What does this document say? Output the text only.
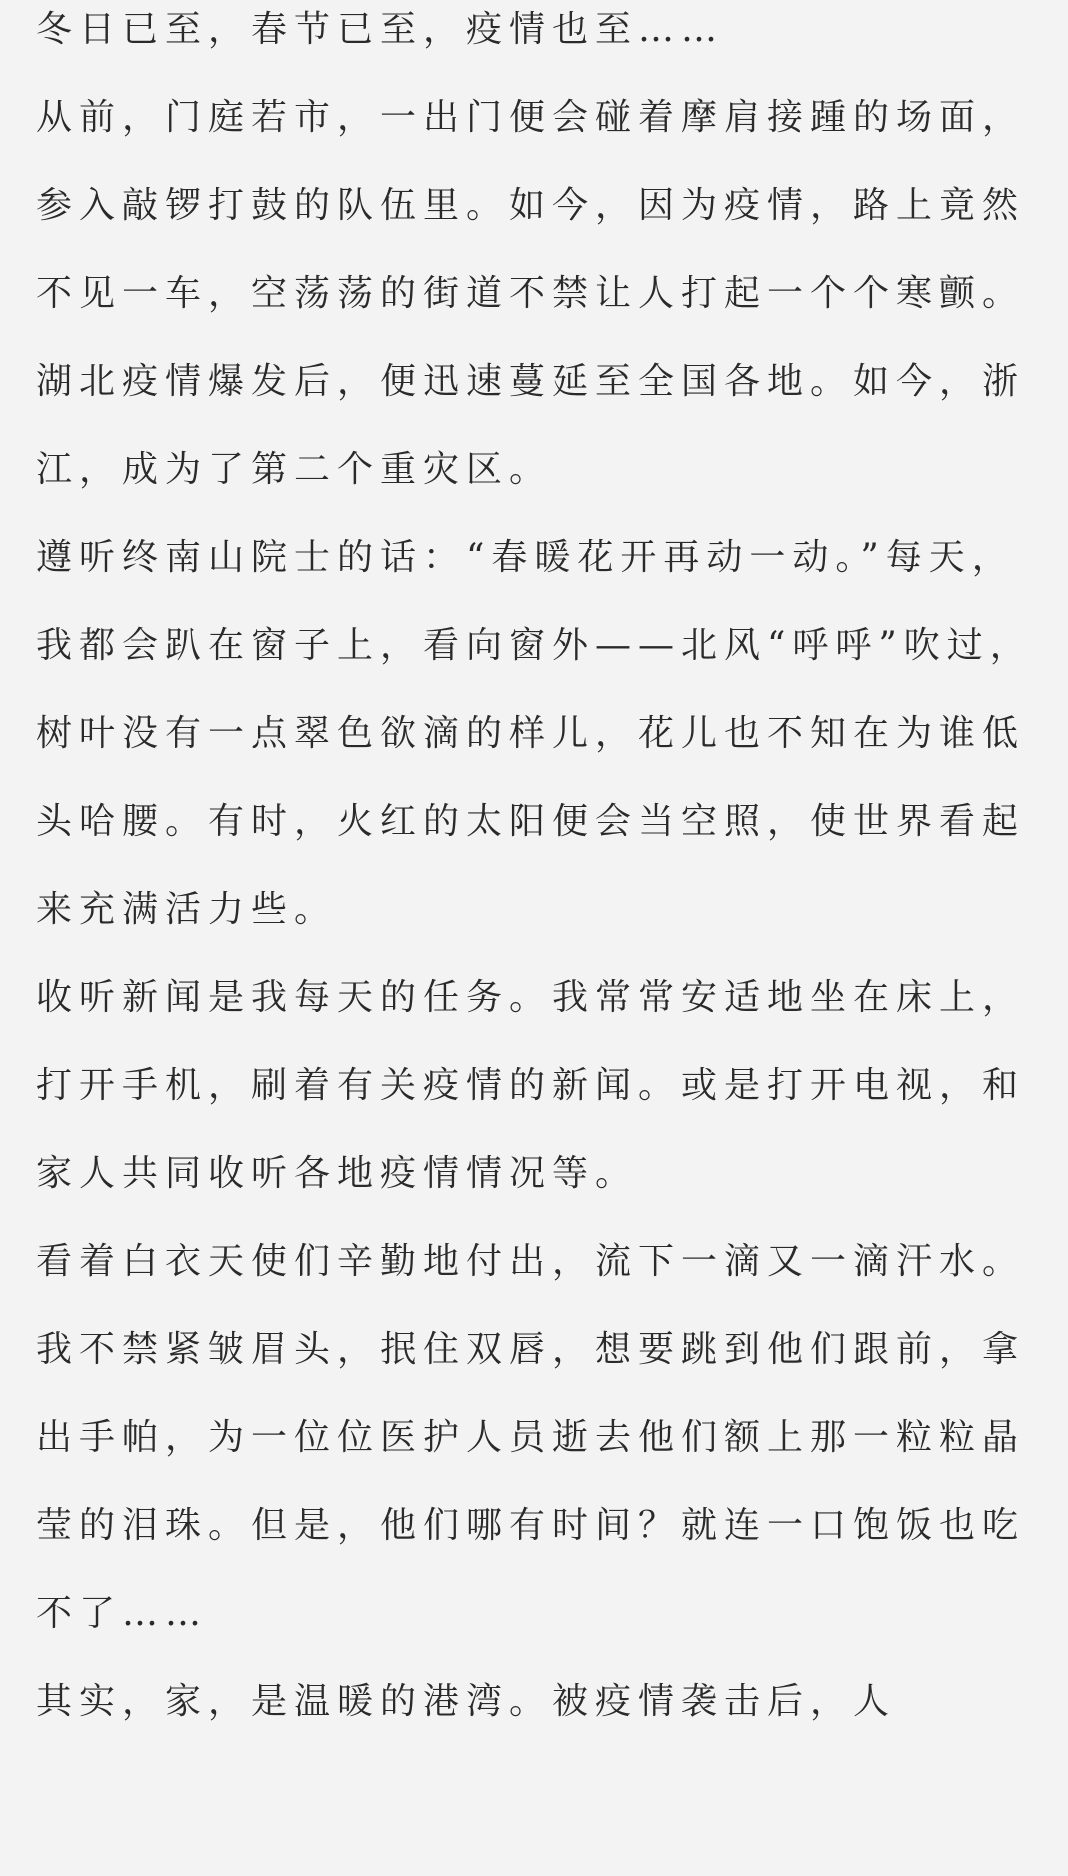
冬日已至，春节已至，疫情也至……

从前，门庭若市，一出门便会碰着摩肩接踵的场面，参入敲锣打鼓的队伍里。如今，因为疫情，路上竟然不见一车，空荡荡的街道不禁让人打起一个个寒颤。

湖北疫情爆发后，便迅速蔓延至全国各地。如今，浙江，成为了第二个重灾区。

遵听终南山院士的话：“春暖花开再动一动。”每天，我都会趴在窗子上，看向窗外——北风“呼呼”吹过，树叶没有一点翠色欲滴的样儿，花儿也不知在为谁低头哈腰。有时，火红的太阳便会当空照，使世界看起来充满活力些。

收听新闻是我每天的任务。我常常安适地坐在床上，打开手机，刷着有关疫情的新闻。或是打开电视，和家人共同收听各地疫情情况等。

看着白衣天使们辛勤地付出，流下一滴又一滴汗水。我不禁紧皱眉头，抿住双唇，想要跳到他们跟前，拿出手帕，为一位位医护人员逝去他们额上那一粒粒晶莹的泪珠。但是，他们哪有时间？就连一口饱饭也吃不了……

其实，家，是温暖的港湾。被疫情袭击后，人
